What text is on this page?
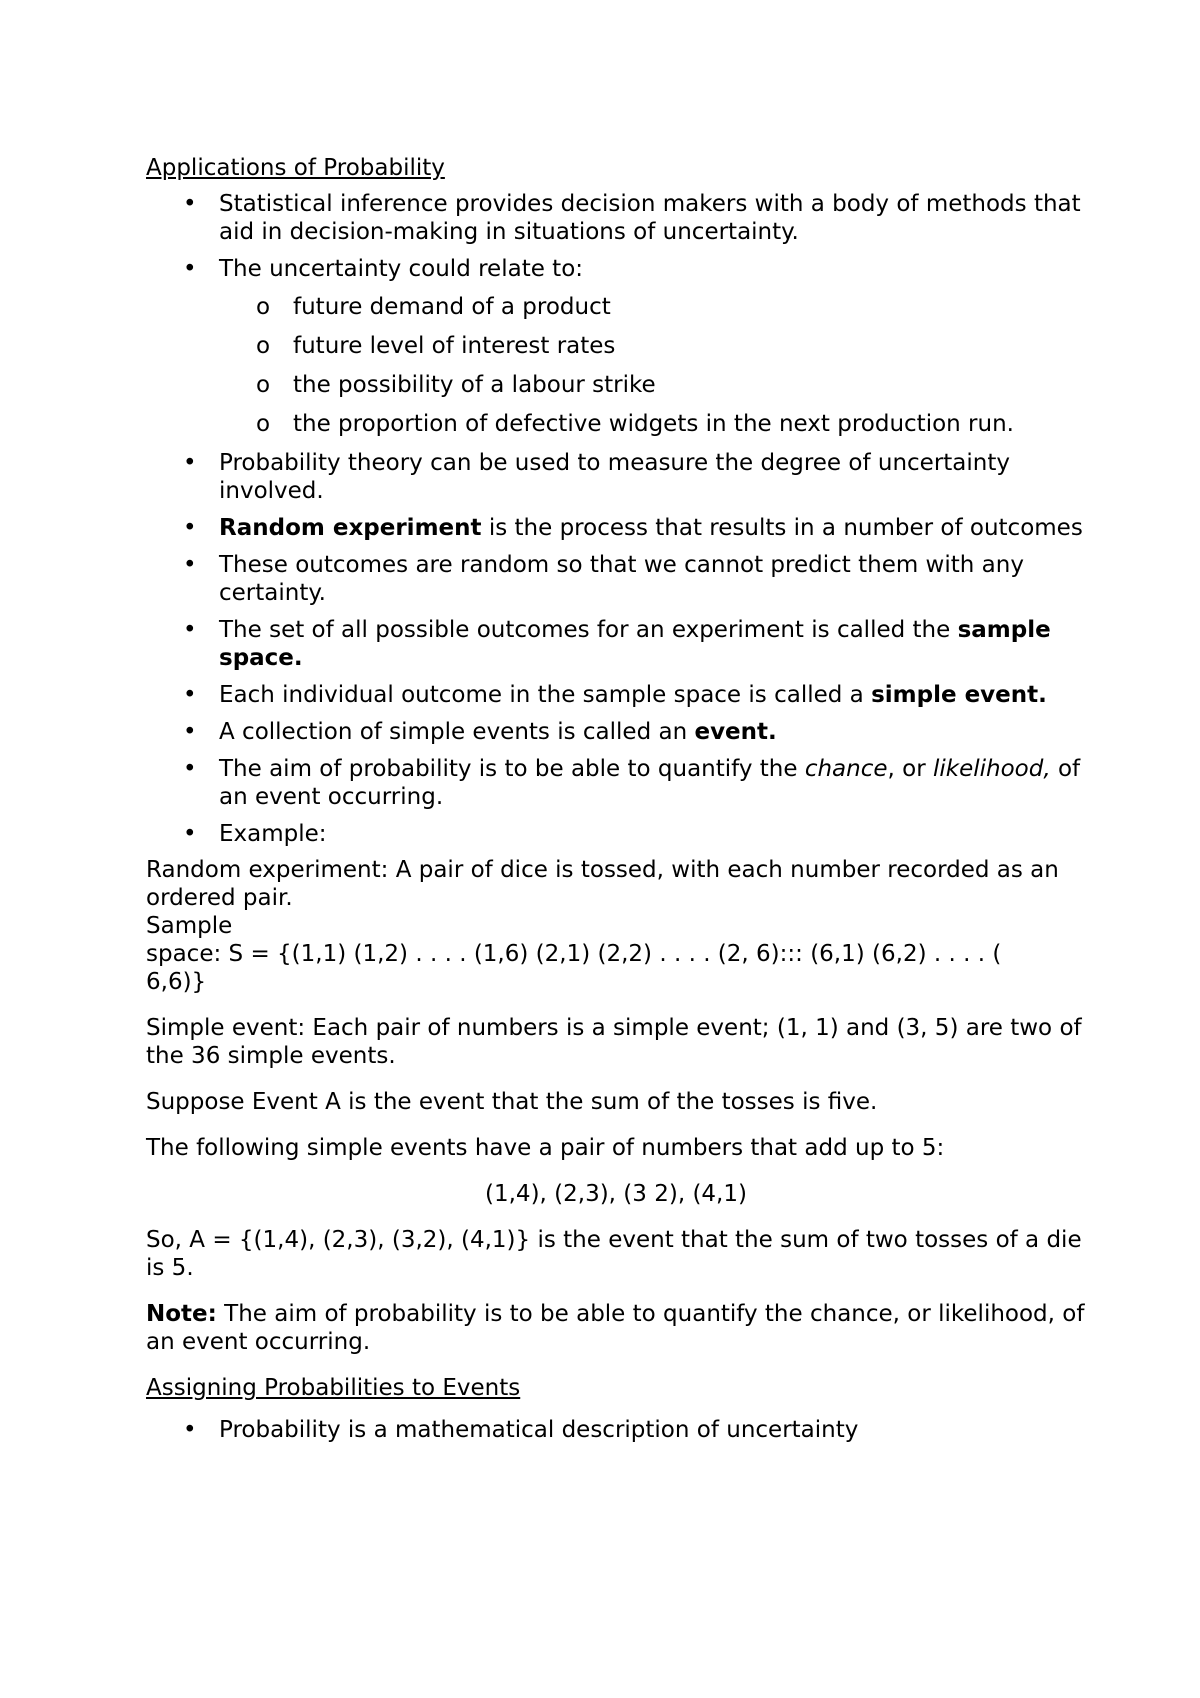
Applications of Probability

• Statistical inference provides decision makers with a body of methods that aid in decision-making in situations of uncertainty.
• The uncertainty could relate to:
o future demand of a product
o future level of interest rates
o the possibility of a labour strike
o the proportion of defective widgets in the next production run.
• Probability theory can be used to measure the degree of uncertainty involved.
• Random experiment is the process that results in a number of outcomes
• These outcomes are random so that we cannot predict them with any certainty.
• The set of all possible outcomes for an experiment is called the sample space.
• Each individual outcome in the sample space is called a simple event.
• A collection of simple events is called an event.
• The aim of probability is to be able to quantify the chance, or likelihood, of an event occurring.
• Example:

Random experiment: A pair of dice is tossed, with each number recorded as an ordered pair.

Sample

space: S = {(1,1) (1,2) . . . . (1,6) (2,1) (2,2) . . . . (2, 6)::: (6,1) (6,2) . . . . (

6,6)}

Simple event: Each pair of numbers is a simple event; (1, 1) and (3, 5) are two of the 36 simple events.

Suppose Event A is the event that the sum of the tosses is five.

The following simple events have a pair of numbers that add up to 5:

(1,4), (2,3), (3 2), (4,1)

So, A = {(1,4), (2,3), (3,2), (4,1)} is the event that the sum of two tosses of a die is 5.

Note: The aim of probability is to be able to quantify the chance, or likelihood, of an event occurring.

Assigning Probabilities to Events

• Probability is a mathematical description of uncertainty
